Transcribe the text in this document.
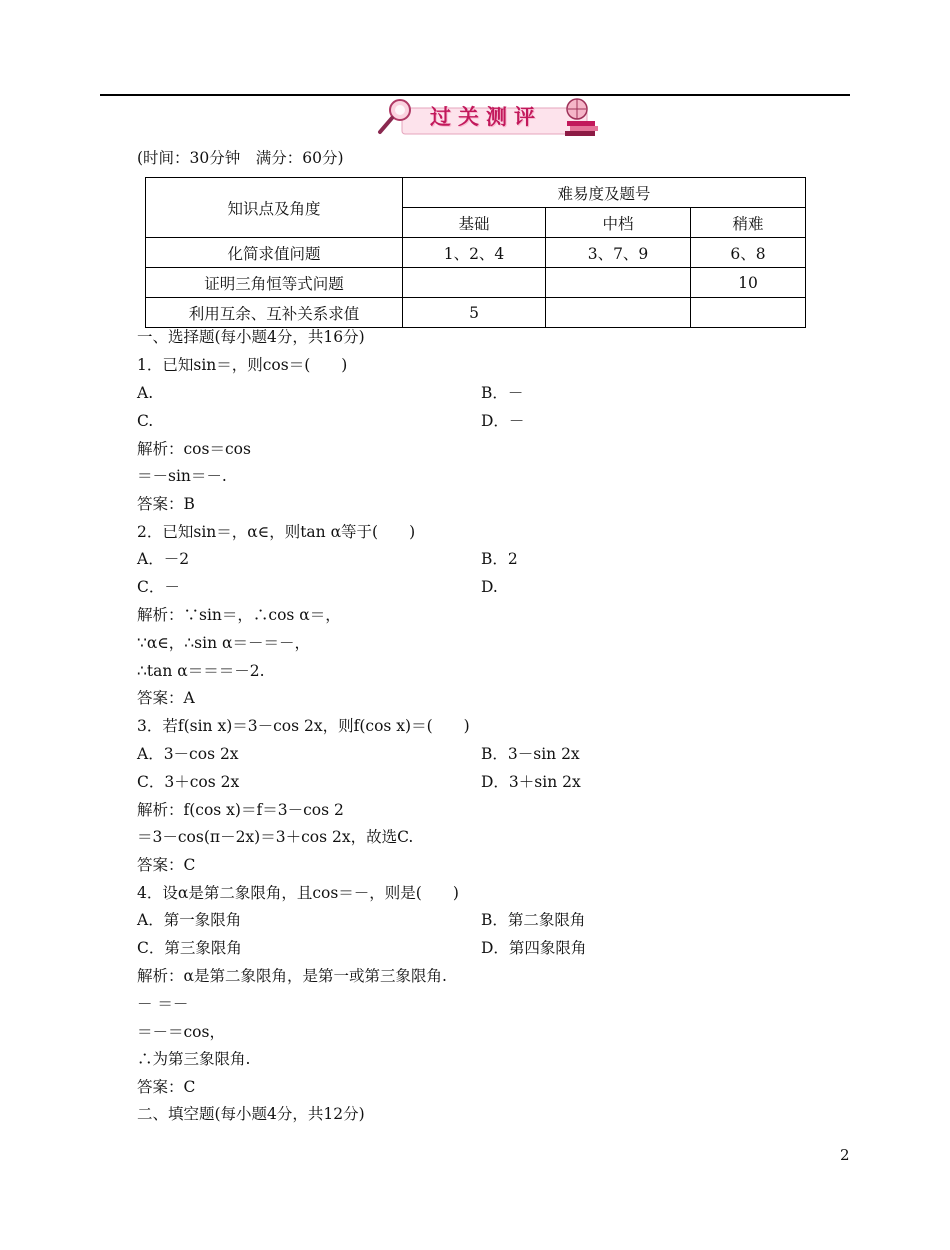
过关测评
(时间：30分钟　满分：60分)
知识点及角度	难易度及题号		
	基础	中档	稍难
化简求值问题	1、2、4	3、7、9	6、8
证明三角恒等式问题			10
利用互余、互补关系求值	5		
一、选择题(每小题4分，共16分)
1．已知sin＝，则cos＝(　　)
A.	B．－
C.	D．－
解析：cos＝cos
＝－sin＝－.
答案：B
2．已知sin＝，α∈，则tan α等于(　　)
A．－2	B．2
C．－	D.
解析：∵sin＝，∴cos α＝，
∵α∈，∴sin α＝－＝－，
∴tan α＝＝＝－2.
答案：A
3．若f(sin x)＝3－cos 2x，则f(cos x)＝(　　)
A．3－cos 2x	B．3－sin 2x
C．3＋cos 2x	D．3＋sin 2x
解析：f(cos x)＝f＝3－cos 2
＝3－cos(π－2x)＝3＋cos 2x，故选C.
答案：C
4．设α是第二象限角，且cos＝－，则是(　　)
A．第一象限角	B．第二象限角
C．第三象限角	D．第四象限角
解析：α是第二象限角，是第一或第三象限角.
－ ＝－
＝－＝cos，
∴为第三象限角.
答案：C
二、填空题(每小题4分，共12分)
2
